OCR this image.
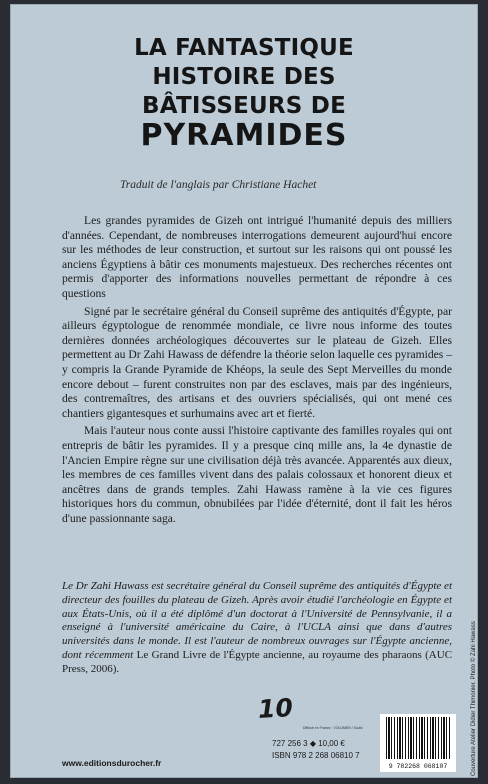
LA FANTASTIQUE
HISTOIRE DES
BÂTISSEURS DE
PYRAMIDES
Traduit de l'anglais par Christiane Hachet

Les grandes pyramides de Gizeh ont intrigué l'humanité depuis des milliers d'années. Cependant, de nombreuses interrogations demeurent aujourd'hui encore sur les méthodes de leur construction, et surtout sur les raisons qui ont poussé les anciens Égyptiens à bâtir ces monuments majestueux. Des recherches récentes ont permis d'apporter des informations nouvelles permettant de répondre à ces questions

Signé par le secrétaire général du Conseil suprême des antiquités d'Égypte, par ailleurs égyptologue de renommée mondiale, ce livre nous informe des toutes dernières données archéologiques découvertes sur le plateau de Gizeh. Elles permettent au Dr Zahi Hawass de défendre la théorie selon laquelle ces pyramides – y compris la Grande Pyramide de Khéops, la seule des Sept Merveilles du monde encore debout – furent construites non par des esclaves, mais par des ingénieurs, des contremaîtres, des artisans et des ouvriers spécialisés, qui ont mené ces chantiers gigantesques et surhumains avec art et fierté.

Mais l'auteur nous conte aussi l'histoire captivante des familles royales qui ont entrepris de bâtir les pyramides. Il y a presque cinq mille ans, la 4e dynastie de l'Ancien Empire règne sur une civilisation déjà très avancée. Apparentés aux dieux, les membres de ces familles vivent dans des palais colossaux et honorent dieux et ancêtres dans de grands temples. Zahi Hawass ramène à la vie ces figures historiques hors du commun, obnubilées par l'idée d'éternité, dont il fait les héros d'une passionnante saga.

Le Dr Zahi Hawass est secrétaire général du Conseil suprême des antiquités d'Égypte et directeur des fouilles du plateau de Gizeh. Après avoir étudié l'archéologie en Égypte et aux États-Unis, où il a été diplômé d'un doctorat à l'Université de Pennsylvanie, il a enseigné à l'université américaine du Caire, à l'UCLA ainsi que dans d'autres universités dans le monde. Il est l'auteur de nombreux ouvrages sur l'Égypte ancienne, dont récemment Le Grand Livre de l'Égypte ancienne, au royaume des pharaons (AUC Press, 2006).
10
www.editionsdurocher.fr
Diffusé en France : VOLUMEN / Sodis
727 256 3 ◆ 10,00 €
ISBN 978 2 268 06810 7
9 782268 068107	Couverture Atelier Didier Thimonier. Photo © Zahi Hawass
